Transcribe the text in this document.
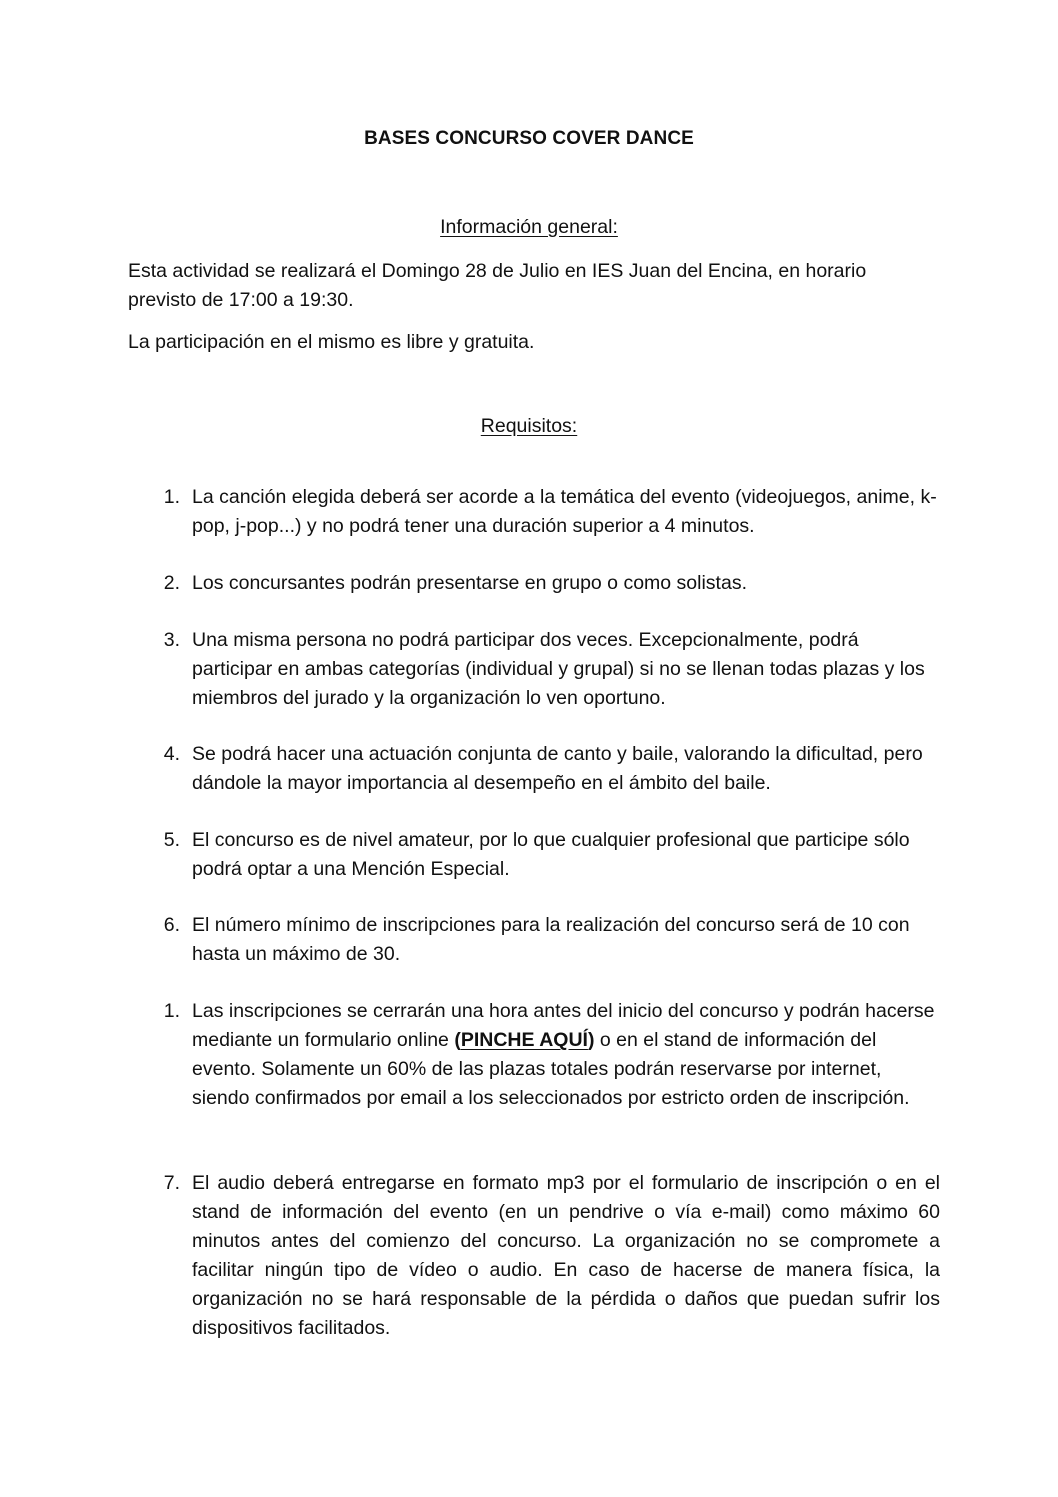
BASES CONCURSO COVER DANCE
Información general:
Esta actividad se realizará el Domingo 28 de Julio en IES Juan del Encina, en horario previsto de 17:00 a 19:30.
La participación en el mismo es libre y gratuita.
Requisitos:
1. La canción elegida deberá ser acorde a la temática del evento (videojuegos, anime, k-pop, j-pop...) y no podrá tener una duración superior a 4 minutos.
2. Los concursantes podrán presentarse en grupo o como solistas.
3. Una misma persona no podrá participar dos veces. Excepcionalmente, podrá participar en ambas categorías (individual y grupal) si no se llenan todas plazas y los miembros del jurado y la organización lo ven oportuno.
4. Se podrá hacer una actuación conjunta de canto y baile, valorando la dificultad, pero dándole la mayor importancia al desempeño en el ámbito del baile.
5. El concurso es de nivel amateur, por lo que cualquier profesional que participe sólo podrá optar a una Mención Especial.
6. El número mínimo de inscripciones para la realización del concurso será de 10 con hasta un máximo de 30.
1. Las inscripciones se cerrarán una hora antes del inicio del concurso y podrán hacerse mediante un formulario online (PINCHE AQUÍ) o en el stand de información del evento. Solamente un 60% de las plazas totales podrán reservarse por internet, siendo confirmados por email a los seleccionados por estricto orden de inscripción.
7. El audio deberá entregarse en formato mp3 por el formulario de inscripción o en el stand de información del evento (en un pendrive o vía e-mail) como máximo 60 minutos antes del comienzo del concurso. La organización no se compromete a facilitar ningún tipo de vídeo o audio. En caso de hacerse de manera física, la organización no se hará responsable de la pérdida o daños que puedan sufrir los dispositivos facilitados.
